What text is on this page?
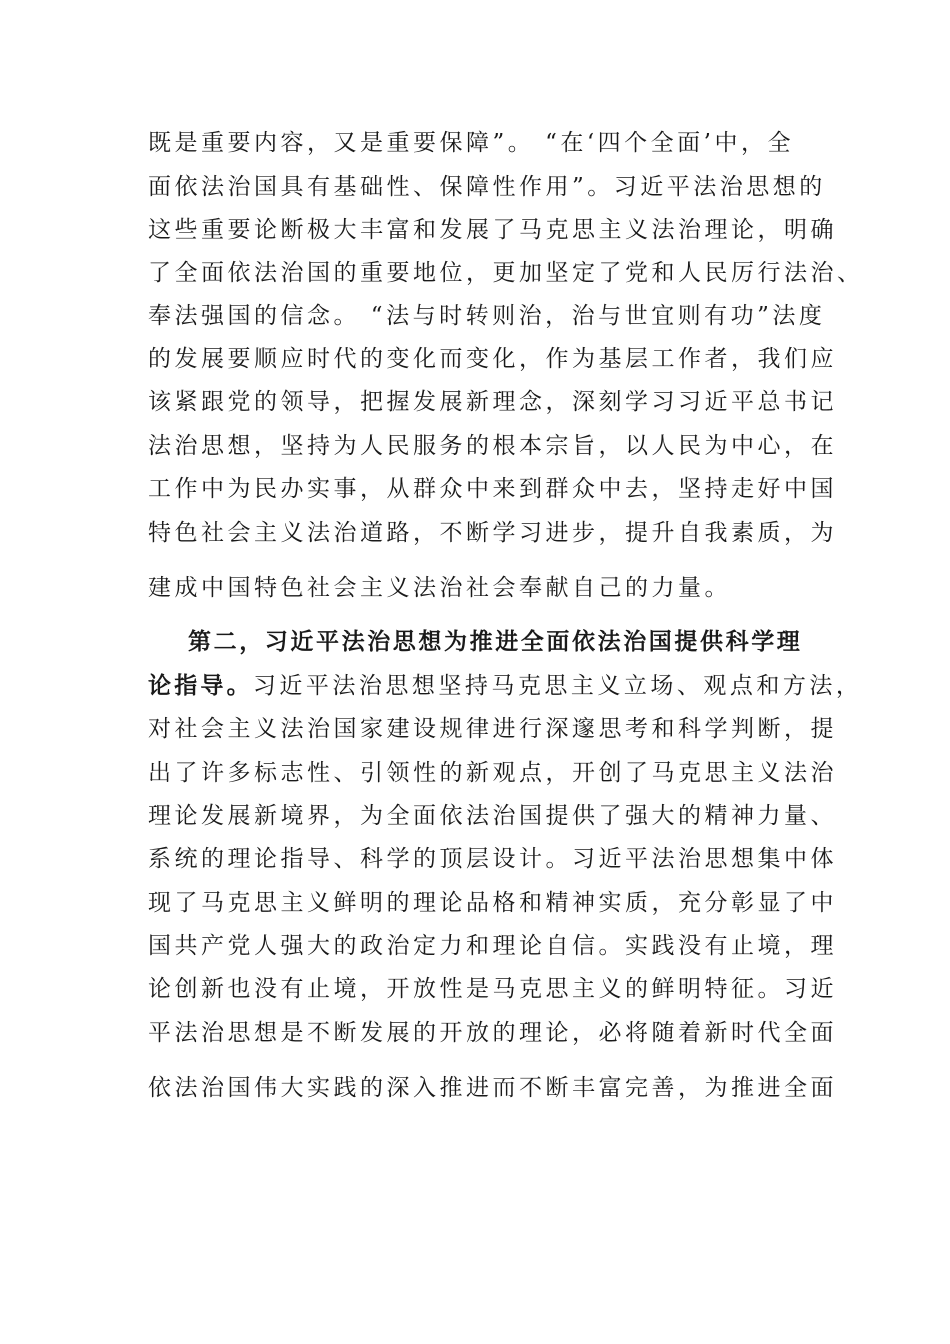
既是重要内容，又是重要保障”。 “在‘四个全面’中，全
面依法治国具有基础性、保障性作用”。习近平法治思想的
这些重要论断极大丰富和发展了马克思主义法治理论，明确
了全面依法治国的重要地位，更加坚定了党和人民厉行法治、
奉法强国的信念。 “法与时转则治，治与世宜则有功”法度
的发展要顺应时代的变化而变化，作为基层工作者，我们应
该紧跟党的领导，把握发展新理念，深刻学习习近平总书记
法治思想，坚持为人民服务的根本宗旨，以人民为中心，在
工作中为民办实事，从群众中来到群众中去，坚持走好中国
特色社会主义法治道路，不断学习进步，提升自我素质，为
建成中国特色社会主义法治社会奉献自己的力量。
第二，习近平法治思想为推进全面依法治国提供科学理
论指导。习近平法治思想坚持马克思主义立场、观点和方法，
对社会主义法治国家建设规律进行深邃思考和科学判断，提
出了许多标志性、引领性的新观点，开创了马克思主义法治
理论发展新境界，为全面依法治国提供了强大的精神力量、
系统的理论指导、科学的顶层设计。习近平法治思想集中体
现了马克思主义鲜明的理论品格和精神实质，充分彰显了中
国共产党人强大的政治定力和理论自信。实践没有止境，理
论创新也没有止境，开放性是马克思主义的鲜明特征。习近
平法治思想是不断发展的开放的理论，必将随着新时代全面
依法治国伟大实践的深入推进而不断丰富完善，为推进全面
